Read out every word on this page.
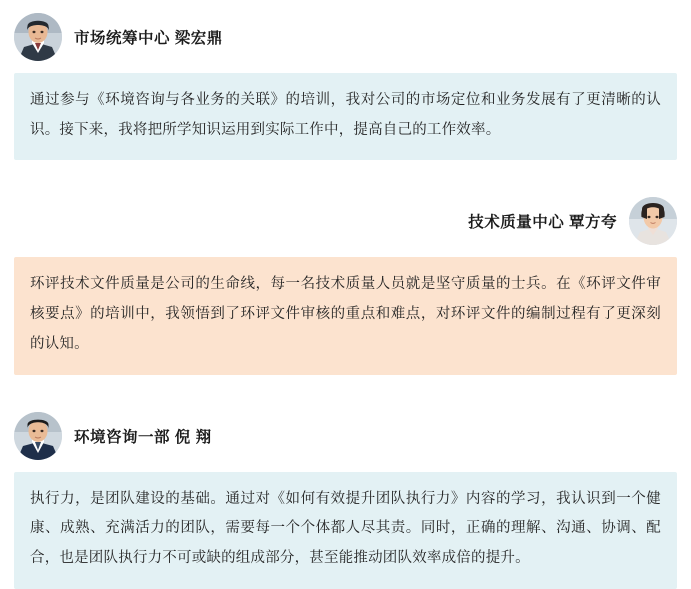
市场统筹中心 梁宏鼎
通过参与《环境咨询与各业务的关联》的培训，我对公司的市场定位和业务发展有了更清晰的认识。接下来，我将把所学知识运用到实际工作中，提高自己的工作效率。
技术质量中心 覃方夸
环评技术文件质量是公司的生命线，每一名技术质量人员就是坚守质量的士兵。在《环评文件审核要点》的培训中，我领悟到了环评文件审核的重点和难点，对环评文件的编制过程有了更深刻的认知。
环境咨询一部 倪 翔
执行力，是团队建设的基础。通过对《如何有效提升团队执行力》内容的学习，我认识到一个健康、成熟、充满活力的团队，需要每一个个体都人尽其责。同时，正确的理解、沟通、协调、配合，也是团队执行力不可或缺的组成部分，甚至能推动团队效率成倍的提升。
